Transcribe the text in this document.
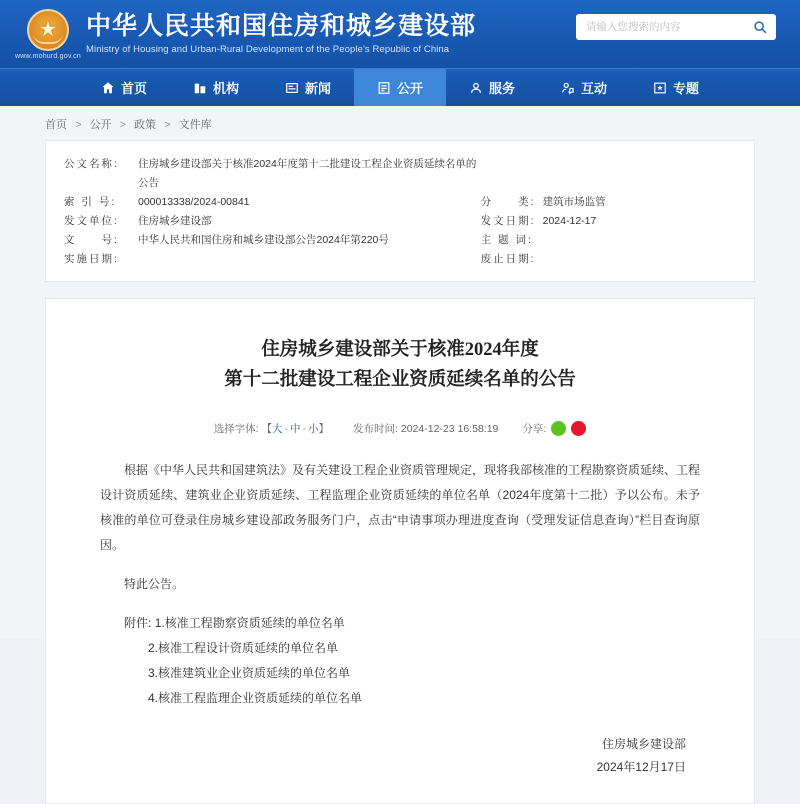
★
www.mohurd.gov.cn
中华人民共和国住房和城乡建设部
Ministry of Housing and Urban-Rural Development of the People's Republic of China
请输入您搜索的内容
首页	机构	新闻	公开	服务	互动	专题
首页 > 公开 > 政策 > 文件库
公文名称:	住房城乡建设部关于核准2024年度第十二批建设工程企业资质延续名单的公告
索 引 号:	000013338/2024-00841	分　　类: 建筑市场监管
发文单位:	住房城乡建设部	发文日期: 2024-12-17
文　　号:	中华人民共和国住房和城乡建设部公告2024年第220号	主 题 词:
实施日期:	废止日期:
住房城乡建设部关于核准2024年度
第十二批建设工程企业资质延续名单的公告
选择字体: 【大 - 中 - 小】 发布时间: 2024-12-23 16:58:19 分享:

根据《中华人民共和国建筑法》及有关建设工程企业资质管理规定，现将我部核准的工程勘察资质延续、工程设计资质延续、建筑业企业资质延续、工程监理企业资质延续的单位名单（2024年度第十二批）予以公布。未予核准的单位可登录住房城乡建设部政务服务门户，点击“申请事项办理进度查询（受理发证信息查询）”栏目查询原因。

特此公告。

附件: 1.核准工程勘察资质延续的单位名单
2.核准工程设计资质延续的单位名单
3.核准建筑业企业资质延续的单位名单
4.核准工程监理企业资质延续的单位名单
住房城乡建设部
2024年12月17日
